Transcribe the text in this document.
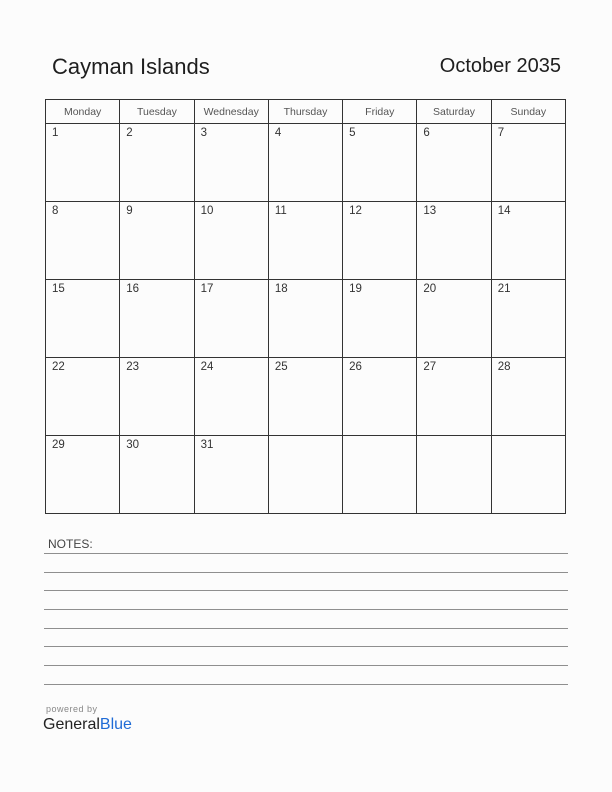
Cayman Islands	October 2035
Monday	Tuesday	Wednesday	Thursday	Friday	Saturday	Sunday

1	2	3	4	5	6	7

8	9	10	11	12	13	14

15	16	17	18	19	20	21

22	23	24	25	26	27	28

29	30	31				

NOTES:
powered by
GeneralBlue
